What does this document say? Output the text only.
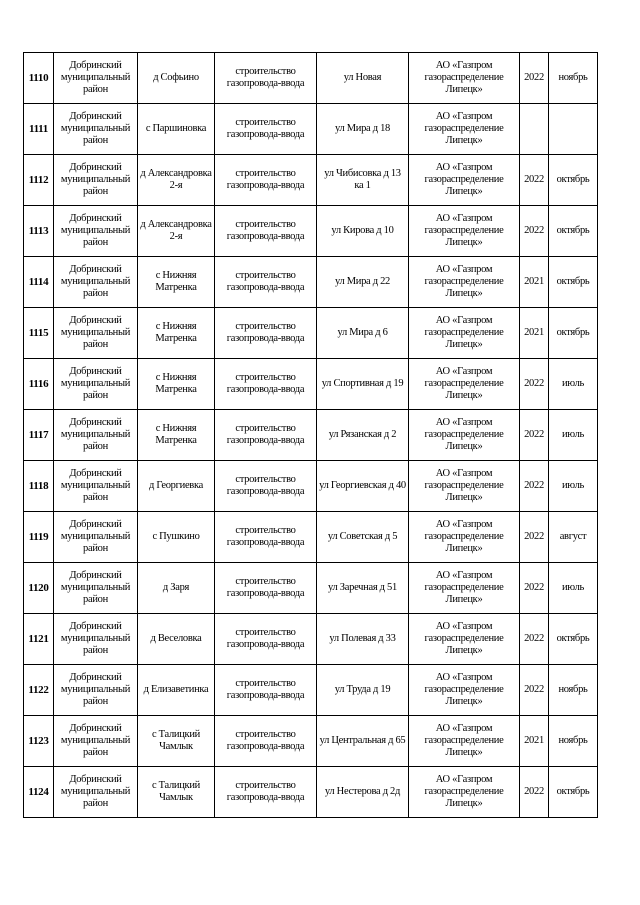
1110	Добринский муниципальный район	д Софьино	строительство газопровода-ввода	ул Новая	АО «Газпром газораспределение Липецк»	2022	ноябрь
1111	Добринский муниципальный район	с Паршиновка	строительство газопровода-ввода	ул Мира д 18	АО «Газпром газораспределение Липецк»		
1112	Добринский муниципальный район	д Александровка 2-я	строительство газопровода-ввода	ул Чибисовка д 13 ка 1	АО «Газпром газораспределение Липецк»	2022	октябрь
1113	Добринский муниципальный район	д Александровка 2-я	строительство газопровода-ввода	ул Кирова д 10	АО «Газпром газораспределение Липецк»	2022	октябрь
1114	Добринский муниципальный район	с Нижняя Матренка	строительство газопровода-ввода	ул Мира д 22	АО «Газпром газораспределение Липецк»	2021	октябрь
1115	Добринский муниципальный район	с Нижняя Матренка	строительство газопровода-ввода	ул Мира д 6	АО «Газпром газораспределение Липецк»	2021	октябрь
1116	Добринский муниципальный район	с Нижняя Матренка	строительство газопровода-ввода	ул Спортивная д 19	АО «Газпром газораспределение Липецк»	2022	июль
1117	Добринский муниципальный район	с Нижняя Матренка	строительство газопровода-ввода	ул Рязанская д 2	АО «Газпром газораспределение Липецк»	2022	июль
1118	Добринский муниципальный район	д Георгиевка	строительство газопровода-ввода	ул Георгиевская д 40	АО «Газпром газораспределение Липецк»	2022	июль
1119	Добринский муниципальный район	с Пушкино	строительство газопровода-ввода	ул Советская д 5	АО «Газпром газораспределение Липецк»	2022	август
1120	Добринский муниципальный район	д Заря	строительство газопровода-ввода	ул Заречная д 51	АО «Газпром газораспределение Липецк»	2022	июль
1121	Добринский муниципальный район	д Веселовка	строительство газопровода-ввода	ул Полевая д 33	АО «Газпром газораспределение Липецк»	2022	октябрь
1122	Добринский муниципальный район	д Елизаветинка	строительство газопровода-ввода	ул Труда д 19	АО «Газпром газораспределение Липецк»	2022	ноябрь
1123	Добринский муниципальный район	с Талицкий Чамлык	строительство газопровода-ввода	ул Центральная д 65	АО «Газпром газораспределение Липецк»	2021	ноябрь
1124	Добринский муниципальный район	с Талицкий Чамлык	строительство газопровода-ввода	ул Нестерова д 2д	АО «Газпром газораспределение Липецк»	2022	октябрь
